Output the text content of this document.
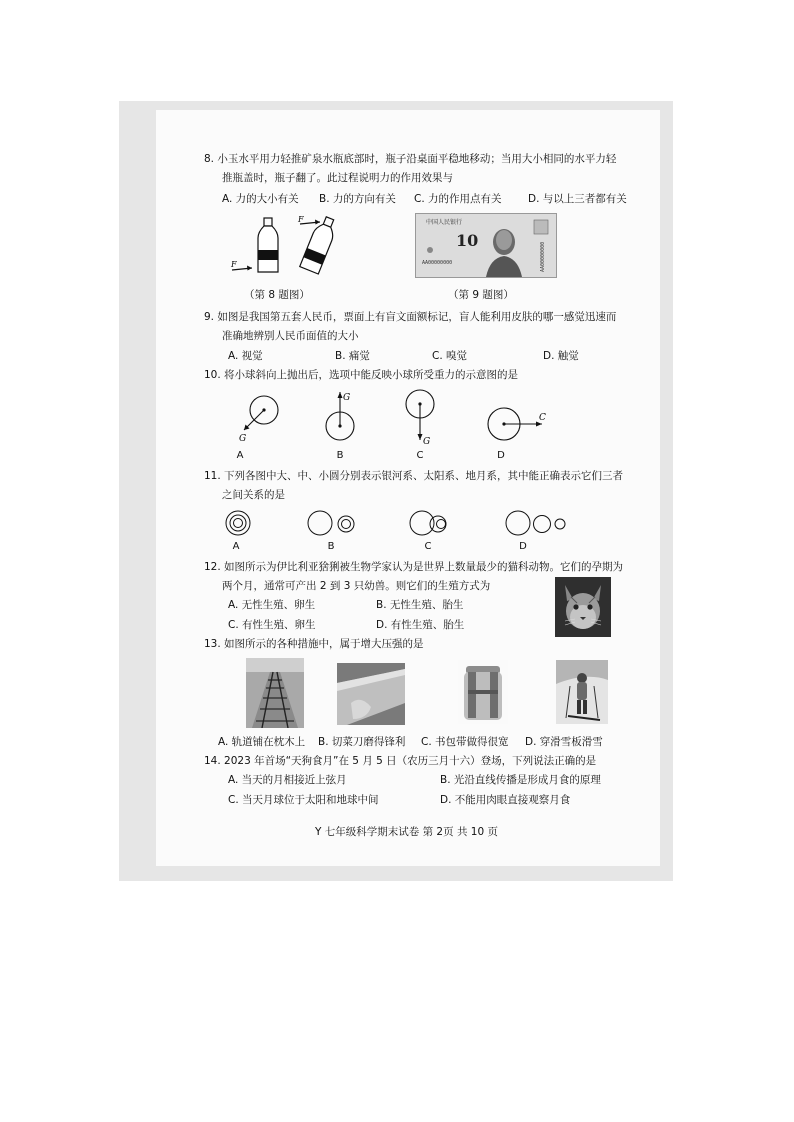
8. 小玉水平用力轻推矿泉水瓶底部时，瓶子沿桌面平稳地移动；当用大小相同的水平力轻
推瓶盖时，瓶子翻了。此过程说明力的作用效果与
A. 力的大小有关 B. 力的方向有关 C. 力的作用点有关	D. 与以上三者都有关
F
F
（第 8 题图）
中国人民银行
10
AA00000000	AA00000000
（第 9 题图）
9. 如图是我国第五套人民币，票面上有盲文面额标记，盲人能利用皮肤的哪一感觉迅速而
准确地辨别人民币面值的大小
A. 视觉	B. 痛觉	C. 嗅觉	D. 触觉
10. 将小球斜向上抛出后，选项中能反映小球所受重力的示意图的是
G
A
G
B
G
C
C
D
11. 下列各图中大、中、小圆分别表示银河系、太阳系、地月系，其中能正确表示它们三者
之间关系的是
A	B	C	D
12. 如图所示为伊比利亚猞猁被生物学家认为是世界上数量最少的猫科动物。它们的孕期为
两个月，通常可产出 2 到 3 只幼兽。则它们的生殖方式为
A. 无性生殖、卵生	B. 无性生殖、胎生
C. 有性生殖、卵生	D. 有性生殖、胎生
13. 如图所示的各种措施中，属于增大压强的是
A. 轨道铺在枕木上 B. 切菜刀磨得锋利 C. 书包带做得很宽 D. 穿滑雪板滑雪
14. 2023 年首场“天狗食月”在 5 月 5 日（农历三月十六）登场，下列说法正确的是
A. 当天的月相接近上弦月	B. 光沿直线传播是形成月食的原理
C. 当天月球位于太阳和地球中间	D. 不能用肉眼直接观察月食
Y 七年级科学期末试卷 第 2页 共 10 页
